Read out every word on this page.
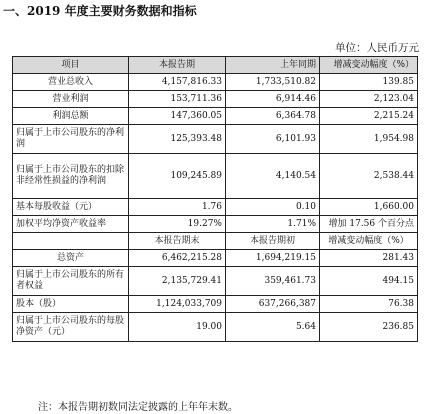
一、2019 年度主要财务数据和指标
单位：人民币万元
项目	本报告期	上年同期	增减变动幅度（%）
营业总收入	4,157,816.33	1,733,510.82	139.85
营业利润	153,711.36	6,914.46	2,123.04
利润总额	147,360.05	6,364.78	2,215.24
归属于上市公司股东的净利润	125,393.48	6,101.93	1,954.98
归属于上市公司股东的扣除非经常性损益的净利润	109,245.89	4,140.54	2,538.44
基本每股收益（元）	1.76	0.10	1,660.00
加权平均净资产收益率	19.27%	1.71%	增加 17.56 个百分点
	本报告期末	本报告期初	增减变动幅度（%）
总资产	6,462,215.28	1,694,219.15	281.43
归属于上市公司股东的所有者权益	2,135,729.41	359,461.73	494.15
股本（股）	1,124,033,709	637,266,387	76.38
归属于上市公司股东的每股净资产（元）	19.00	5.64	236.85
注：本报告期初数同法定披露的上年年末数。
